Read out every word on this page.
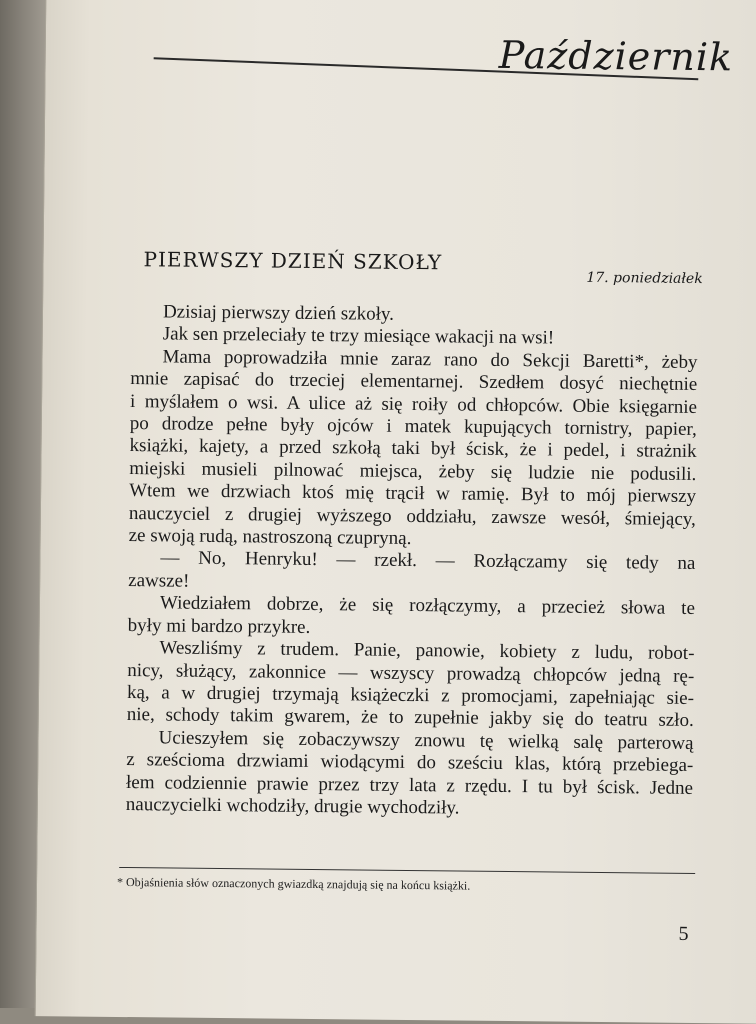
Październik
PIERWSZY DZIEŃ SZKOŁY
17. poniedziałek
Dzisiaj pierwszy dzień szkoły.
Jak sen przeleciały te trzy miesiące wakacji na wsi!
Mama poprowadziła mnie zaraz rano do Sekcji Baretti*, żeby
mnie zapisać do trzeciej elementarnej. Szedłem dosyć niechętnie
i myślałem o wsi. A ulice aż się roiły od chłopców. Obie księgarnie
po drodze pełne były ojców i matek kupujących tornistry, papier,
książki, kajety, a przed szkołą taki był ścisk, że i pedel, i strażnik
miejski musieli pilnować miejsca, żeby się ludzie nie podusili.
Wtem we drzwiach ktoś mię trącił w ramię. Był to mój pierwszy
nauczyciel z drugiej wyższego oddziału, zawsze wesół, śmiejący,
ze swoją rudą, nastroszoną czupryną.
— No, Henryku! — rzekł. — Rozłączamy się tedy na
zawsze!
Wiedziałem dobrze, że się rozłączymy, a przecież słowa te
były mi bardzo przykre.
Weszliśmy z trudem. Panie, panowie, kobiety z ludu, robot-
nicy, służący, zakonnice — wszyscy prowadzą chłopców jedną rę-
ką, a w drugiej trzymają książeczki z promocjami, zapełniając sie-
nie, schody takim gwarem, że to zupełnie jakby się do teatru szło.
Ucieszyłem się zobaczywszy znowu tę wielką salę parterową
z sześcioma drzwiami wiodącymi do sześciu klas, którą przebiega-
łem codziennie prawie przez trzy lata z rzędu. I tu był ścisk. Jedne
nauczycielki wchodziły, drugie wychodziły.
* Objaśnienia słów oznaczonych gwiazdką znajdują się na końcu książki.
5
